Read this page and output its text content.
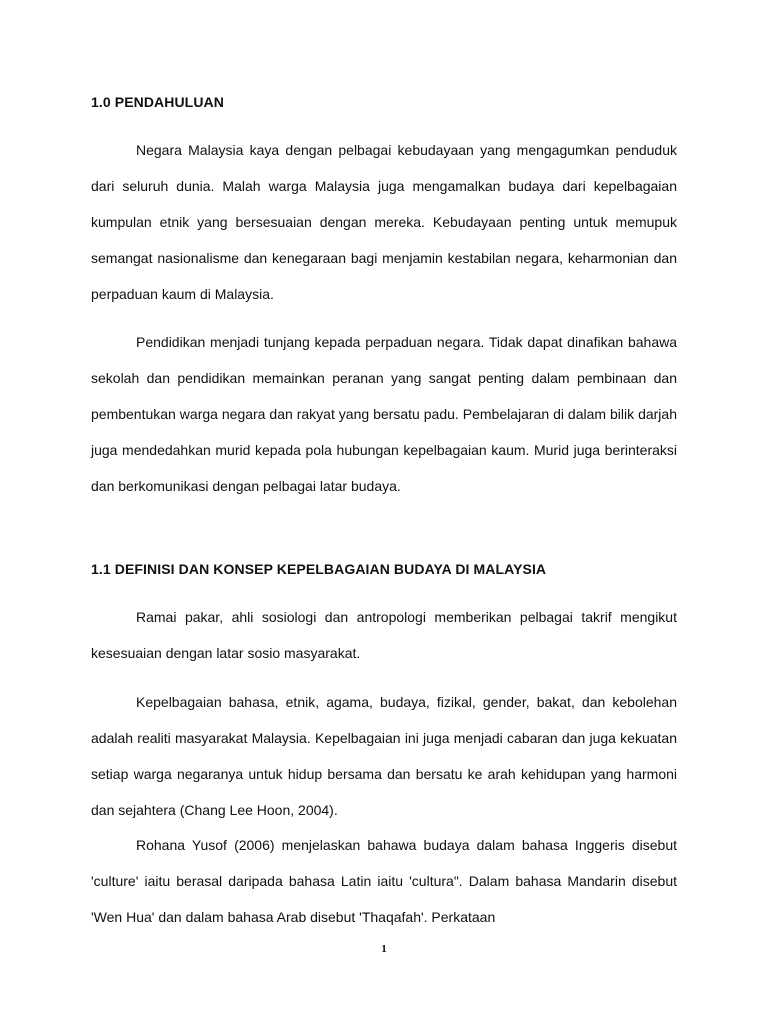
1.0 PENDAHULUAN

Negara Malaysia kaya dengan pelbagai kebudayaan yang mengagumkan penduduk dari seluruh dunia. Malah warga Malaysia juga mengamalkan budaya dari kepelbagaian kumpulan etnik yang bersesuaian dengan mereka. Kebudayaan penting untuk memupuk semangat nasionalisme dan kenegaraan bagi menjamin kestabilan negara, keharmonian dan perpaduan kaum di Malaysia.

Pendidikan menjadi tunjang kepada perpaduan negara. Tidak dapat dinafikan bahawa sekolah dan pendidikan memainkan peranan yang sangat penting dalam pembinaan dan pembentukan warga negara dan rakyat yang bersatu padu. Pembelajaran di dalam bilik darjah juga mendedahkan murid kepada pola hubungan kepelbagaian kaum. Murid juga berinteraksi dan berkomunikasi dengan pelbagai latar budaya.

1.1 DEFINISI DAN KONSEP KEPELBAGAIAN BUDAYA DI MALAYSIA

Ramai pakar, ahli sosiologi dan antropologi memberikan pelbagai takrif mengikut kesesuaian dengan latar sosio masyarakat.

Kepelbagaian bahasa, etnik, agama, budaya, fizikal, gender, bakat, dan kebolehan adalah realiti masyarakat Malaysia. Kepelbagaian ini juga menjadi cabaran dan juga kekuatan setiap warga negaranya untuk hidup bersama dan bersatu ke arah kehidupan yang harmoni dan sejahtera (Chang Lee Hoon, 2004).

Rohana Yusof (2006) menjelaskan bahawa budaya dalam bahasa Inggeris disebut 'culture' iaitu berasal daripada bahasa Latin iaitu 'cultura". Dalam bahasa Mandarin disebut 'Wen Hua' dan dalam bahasa Arab disebut 'Thaqafah'. Perkataan

1
